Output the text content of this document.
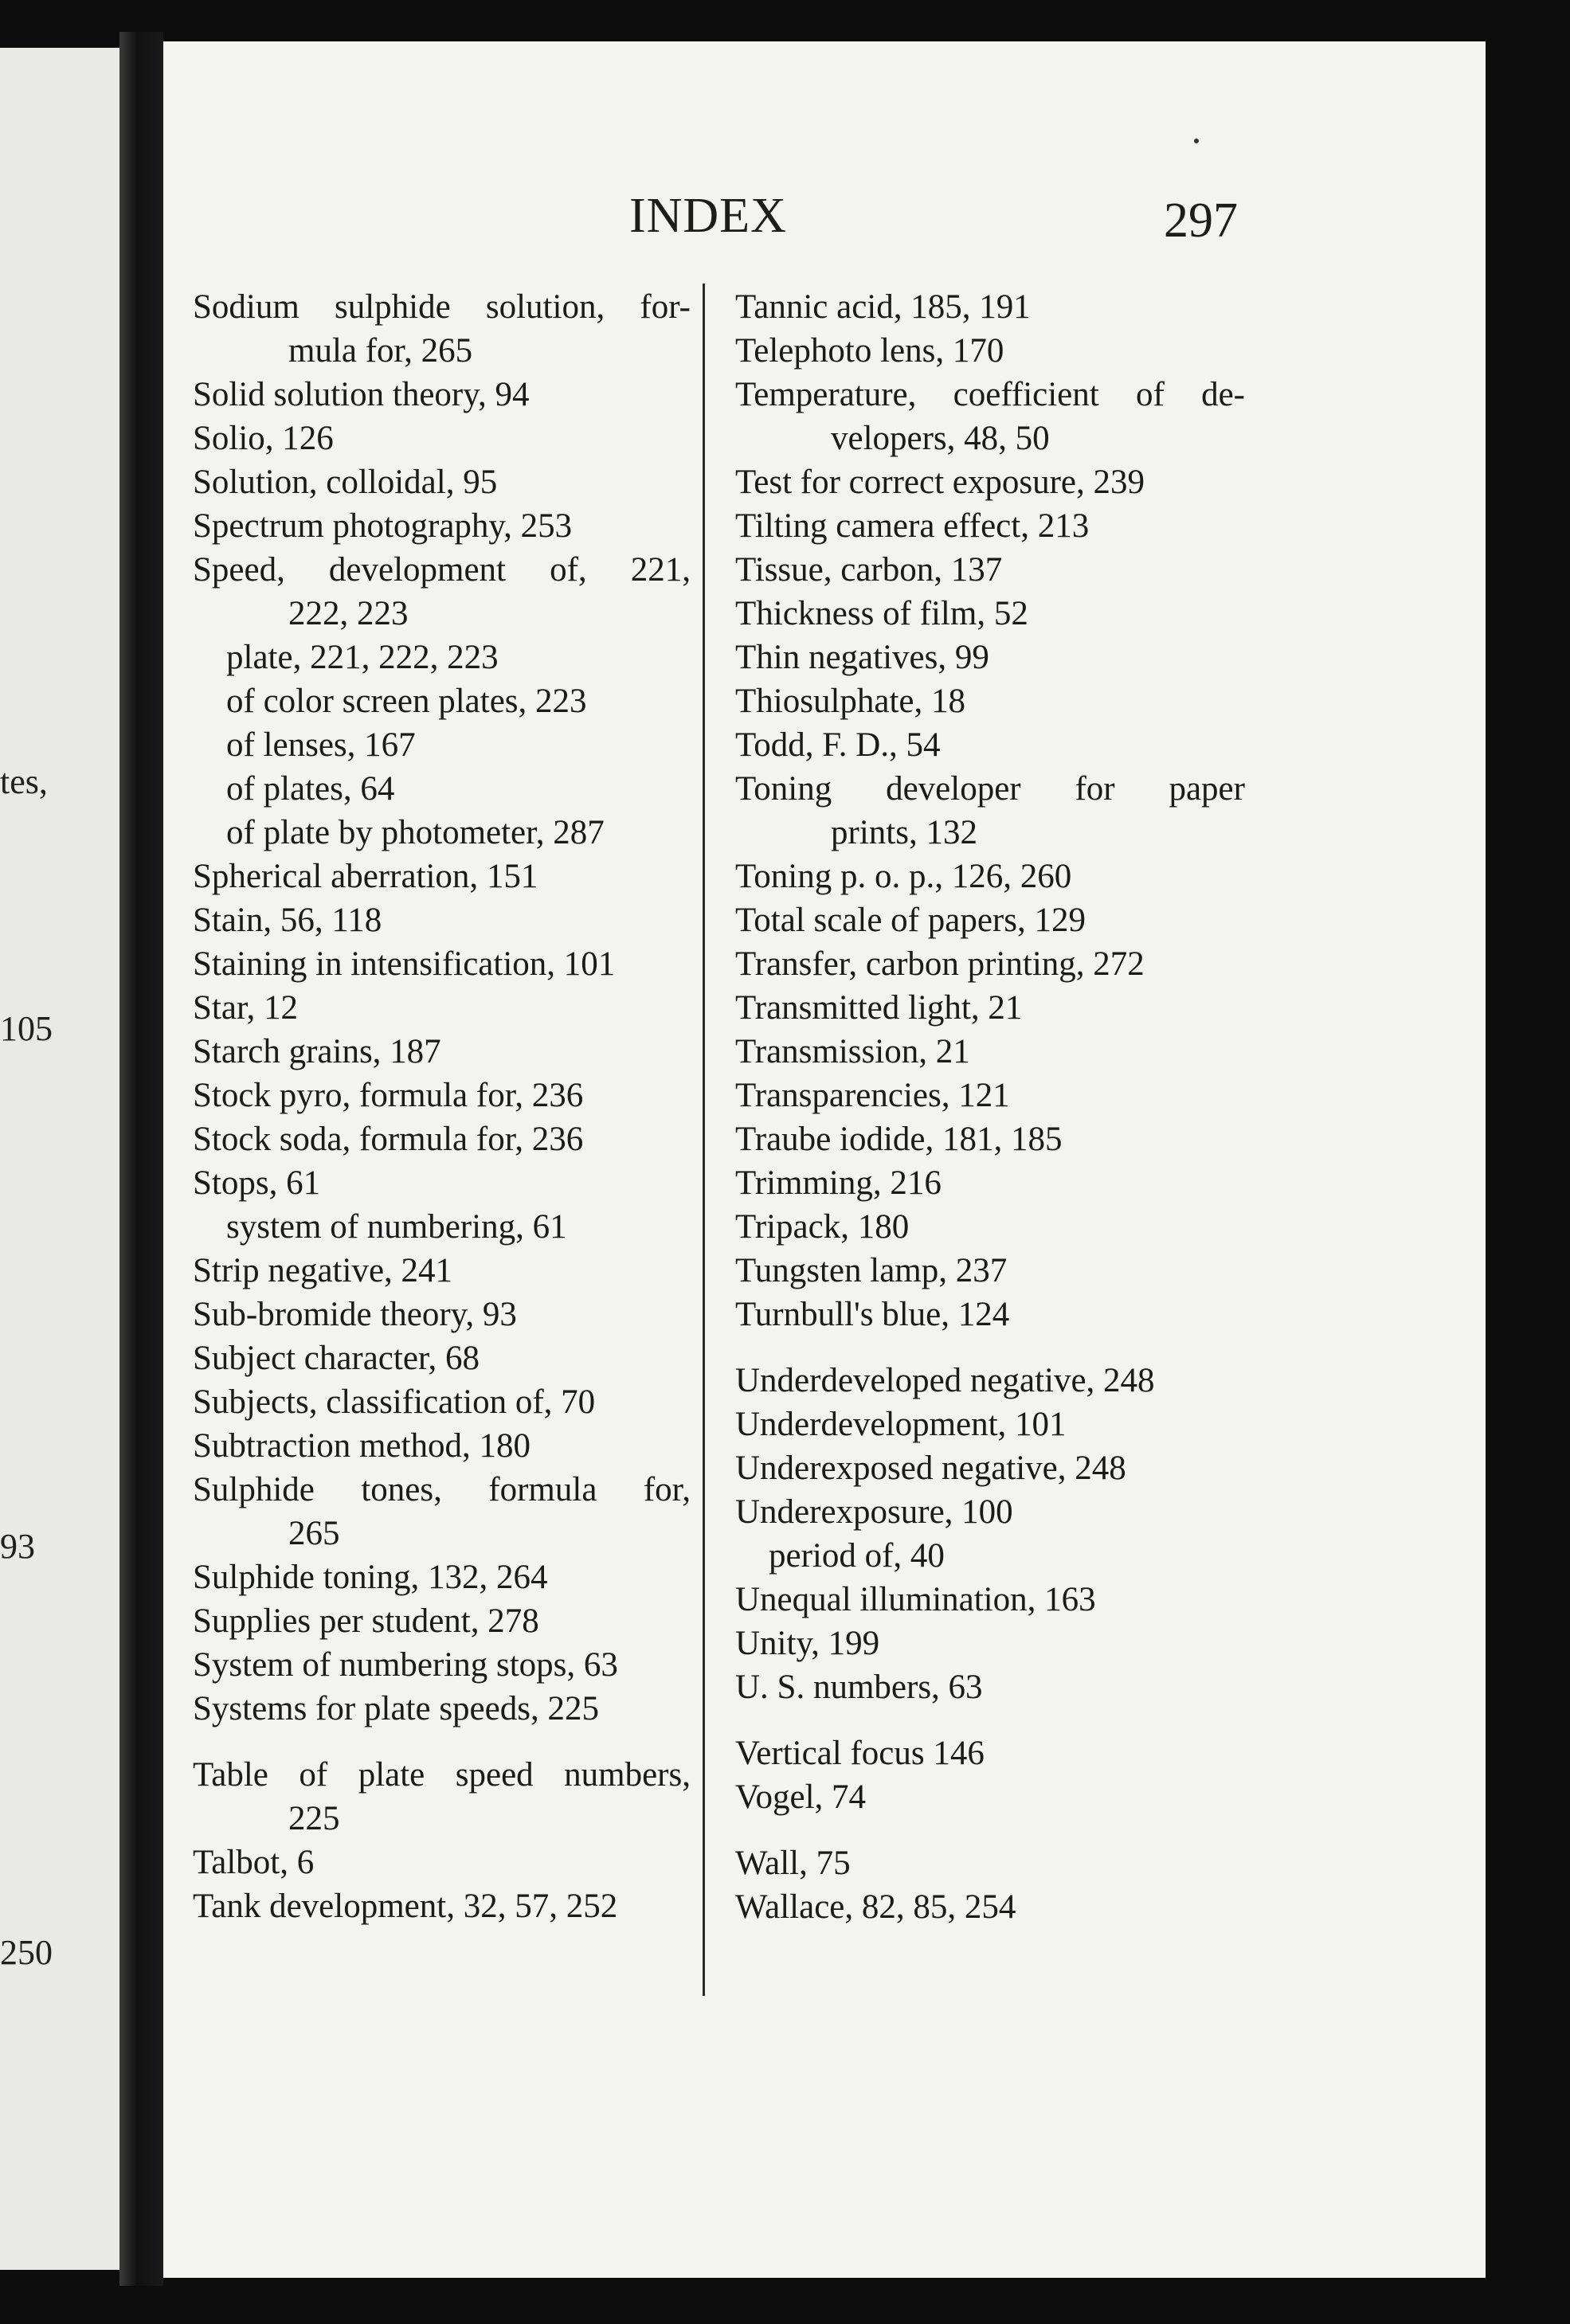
tes,
105
93
250
INDEX	297
Sodium sulphide solution, for-
mula for, 265
Solid solution theory, 94
Solio, 126
Solution, colloidal, 95
Spectrum photography, 253
Speed, development of, 221,
222, 223
plate, 221, 222, 223
of color screen plates, 223
of lenses, 167
of plates, 64
of plate by photometer, 287
Spherical aberration, 151
Stain, 56, 118
Staining in intensification, 101
Star, 12
Starch grains, 187
Stock pyro, formula for, 236
Stock soda, formula for, 236
Stops, 61
system of numbering, 61
Strip negative, 241
Sub-bromide theory, 93
Subject character, 68
Subjects, classification of, 70
Subtraction method, 180
Sulphide tones, formula for,
265
Sulphide toning, 132, 264
Supplies per student, 278
System of numbering stops, 63
Systems for plate speeds, 225
Table of plate speed numbers,
225
Talbot, 6
Tank development, 32, 57, 252
Tannic acid, 185, 191
Telephoto lens, 170
Temperature, coefficient of de-
velopers, 48, 50
Test for correct exposure, 239
Tilting camera effect, 213
Tissue, carbon, 137
Thickness of film, 52
Thin negatives, 99
Thiosulphate, 18
Todd, F. D., 54
Toning developer for paper
prints, 132
Toning p. o. p., 126, 260
Total scale of papers, 129
Transfer, carbon printing, 272
Transmitted light, 21
Transmission, 21
Transparencies, 121
Traube iodide, 181, 185
Trimming, 216
Tripack, 180
Tungsten lamp, 237
Turnbull's blue, 124
Underdeveloped negative, 248
Underdevelopment, 101
Underexposed negative, 248
Underexposure, 100
period of, 40
Unequal illumination, 163
Unity, 199
U. S. numbers, 63
Vertical focus 146
Vogel, 74
Wall, 75
Wallace, 82, 85, 254
